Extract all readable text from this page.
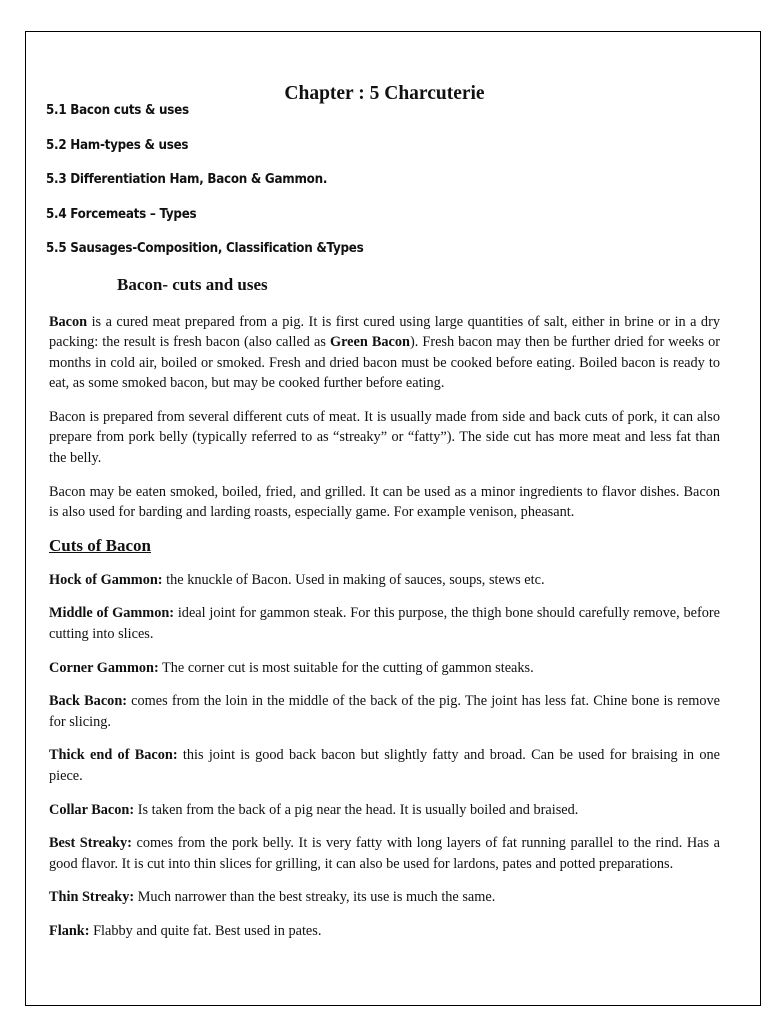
Chapter : 5 Charcuterie
5.1 Bacon cuts & uses
5.2 Ham-types & uses
5.3 Differentiation Ham, Bacon & Gammon.
5.4 Forcemeats – Types
5.5 Sausages-Composition, Classification &Types
Bacon- cuts and uses

Bacon is a cured meat prepared from a pig. It is first cured using large quantities of salt, either in brine or in a dry packing: the result is fresh bacon (also called as Green Bacon). Fresh bacon may then be further dried for weeks or months in cold air, boiled or smoked. Fresh and dried bacon must be cooked before eating. Boiled bacon is ready to eat, as some smoked bacon, but may be cooked further before eating.

Bacon is prepared from several different cuts of meat. It is usually made from side and back cuts of pork, it can also prepare from pork belly (typically referred to as “streaky” or “fatty”). The side cut has more meat and less fat than the belly.

Bacon may be eaten smoked, boiled, fried, and grilled. It can be used as a minor ingredients to flavor dishes. Bacon is also used for barding and larding roasts, especially game. For example venison, pheasant.

Cuts of Bacon

Hock of Gammon: the knuckle of Bacon. Used in making of sauces, soups, stews etc.

Middle of Gammon: ideal joint for gammon steak. For this purpose, the thigh bone should carefully remove, before cutting into slices.

Corner Gammon: The corner cut is most suitable for the cutting of gammon steaks.

Back Bacon: comes from the loin in the middle of the back of the pig. The joint has less fat. Chine bone is remove for slicing.

Thick end of Bacon: this joint is good back bacon but slightly fatty and broad. Can be used for braising in one piece.

Collar Bacon: Is taken from the back of a pig near the head. It is usually boiled and braised.

Best Streaky: comes from the pork belly. It is very fatty with long layers of fat running parallel to the rind. Has a good flavor. It is cut into thin slices for grilling, it can also be used for lardons, pates and potted preparations.

Thin Streaky: Much narrower than the best streaky, its use is much the same.

Flank: Flabby and quite fat. Best used in pates.
